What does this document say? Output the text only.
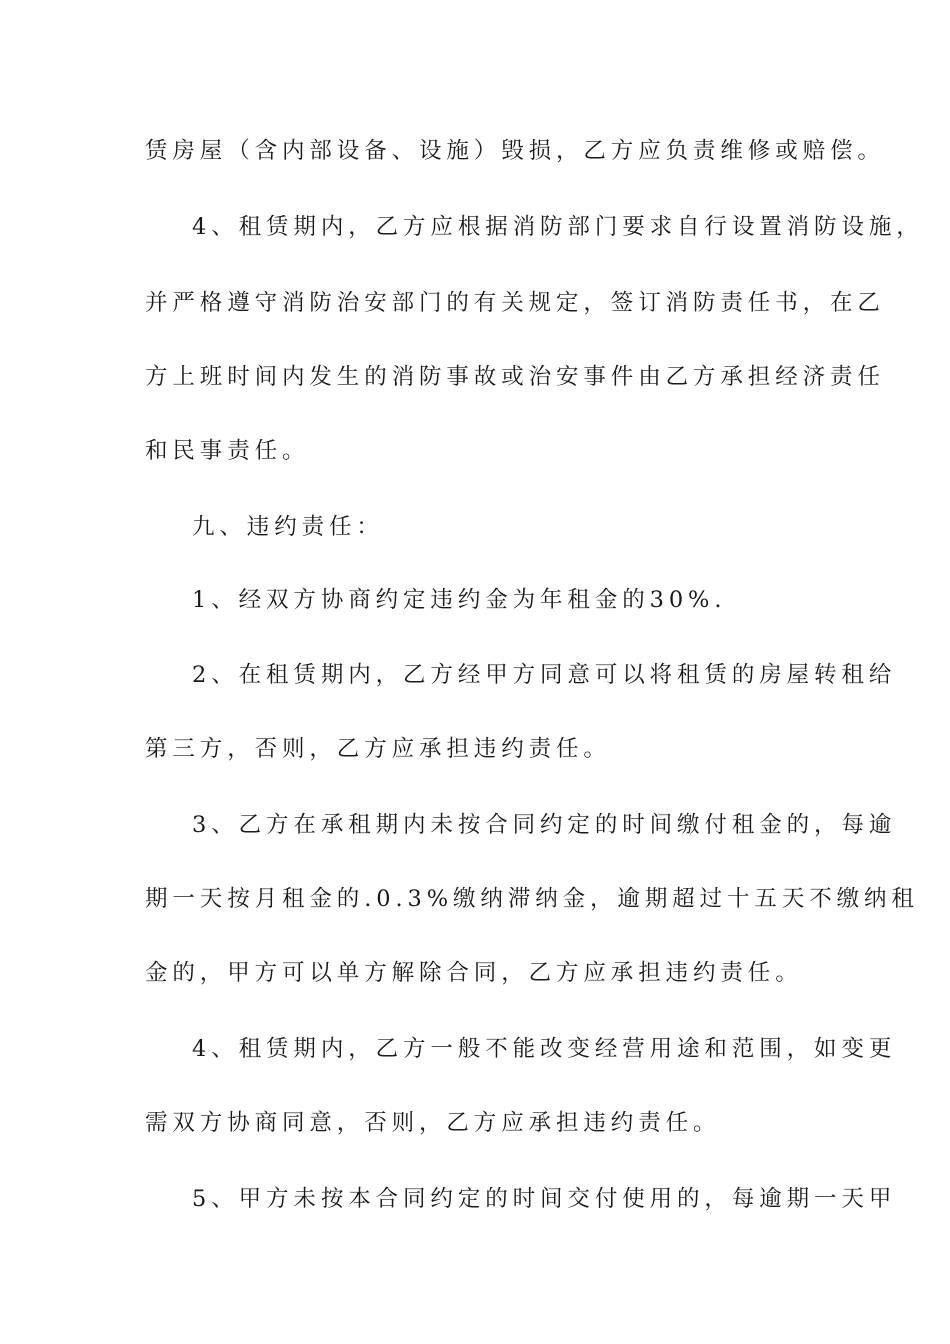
赁房屋（含内部设备、设施）毁损，乙方应负责维修或赔偿。
4、租赁期内，乙方应根据消防部门要求自行设置消防设施，
并严格遵守消防治安部门的有关规定，签订消防责任书，在乙
方上班时间内发生的消防事故或治安事件由乙方承担经济责任
和民事责任。
九、违约责任：
1、经双方协商约定违约金为年租金的30%.
2、在租赁期内，乙方经甲方同意可以将租赁的房屋转租给
第三方，否则，乙方应承担违约责任。
3、乙方在承租期内未按合同约定的时间缴付租金的，每逾
期一天按月租金的.0.3%缴纳滞纳金，逾期超过十五天不缴纳租
金的，甲方可以单方解除合同，乙方应承担违约责任。
4、租赁期内，乙方一般不能改变经营用途和范围，如变更
需双方协商同意，否则，乙方应承担违约责任。
5、甲方未按本合同约定的时间交付使用的，每逾期一天甲
